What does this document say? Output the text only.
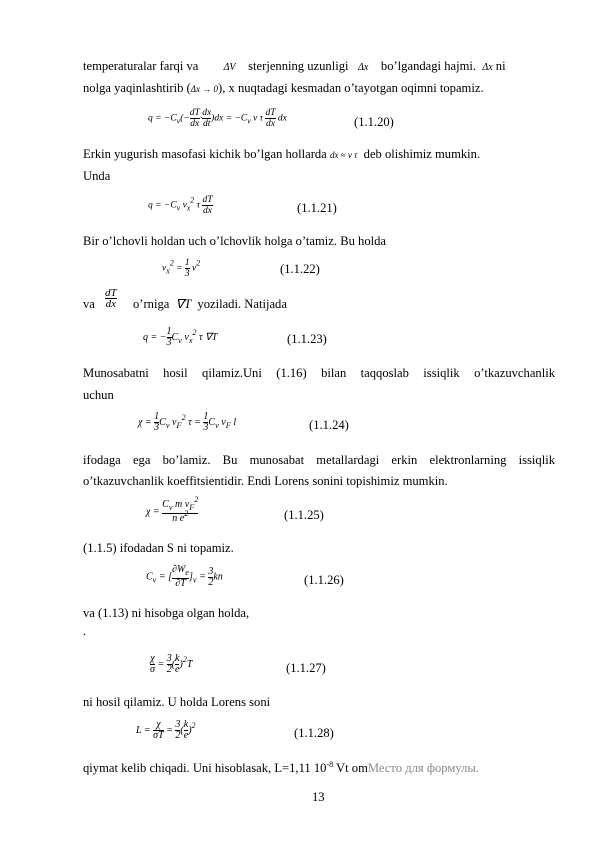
temperaturalar farqi va	ΔV sterjenning uzunligi Δx bo’lgandagi hajmi. Δx ni
nolga yaqinlashtirib (Δx → 0), x nuqtadagi kesmadan o’tayotgan oqimni topamiz.
$q = -C_v(- \frac{dT}{dx} \cdot \frac{dx}{dt} )dx = -C_v$ v τ $\frac{dT}{dx}$ dx	(1.1.20)
Erkin yugurish masofasi kichik bo’lgan hollarda dx ≈ v τ deb olishimiz mumkin.
Unda
$q = -C_v$ $v_x^2$ τ $\frac{dT}{dx}$	(1.1.21)
Bir o’lchovli holdan uch o’lchovlik holga o’tamiz. Bu holda
$v_x^2 = \frac{1}{3} v^2$	(1.1.22)
va $\frac{dT}{dx}$ o’rniga ∇T yoziladi. Natijada
q = − $\frac{1}{3} C_v$ $v_x^2$ τ ∇T	(1.1.23)
Munosabatni hosil qilamiz.Uni (1.16) bilan taqqoslab issiqlik o’tkazuvchanlik
uchun
$\chi = \frac{1}{3} C_v$ $v_F^2$ $\tau = \frac{1}{3} C_v$ $v_F$ l	(1.1.24)
ifodaga ega bo’lamiz. Bu munosabat metallardagi erkin elektronlarning issiqlik
o’tkazuvchanlik koeffitsientidir. Endi Lorens sonini topishimiz mumkin.
$\chi = \frac{C_v m v_F^2}{n e^2}$	(1.1.25)
(1.1.5) ifodadan S ni topamiz.
$C_v$ = [ $\frac{\partial W_e}{\partial T} ]_v = \frac{3}{2}$ kn	(1.1.26)
va (1.13) ni hisobga olgan holda,
.
$\frac{\chi}{\sigma} = \frac{3}{2}$ ( $\frac{k}{e} )^2T$	(1.1.27)
ni hosil qilamiz. U holda Lorens soni
$L = \frac{\chi}{\sigma T} = \frac{3}{2}$ ( $\frac{k}{e} )^2$
(1.1.28)
qiymat kelib chiqadi. Uni hisoblasak, L=1,11 $10^{-8}$ Vt omМесто для формулы.
13
